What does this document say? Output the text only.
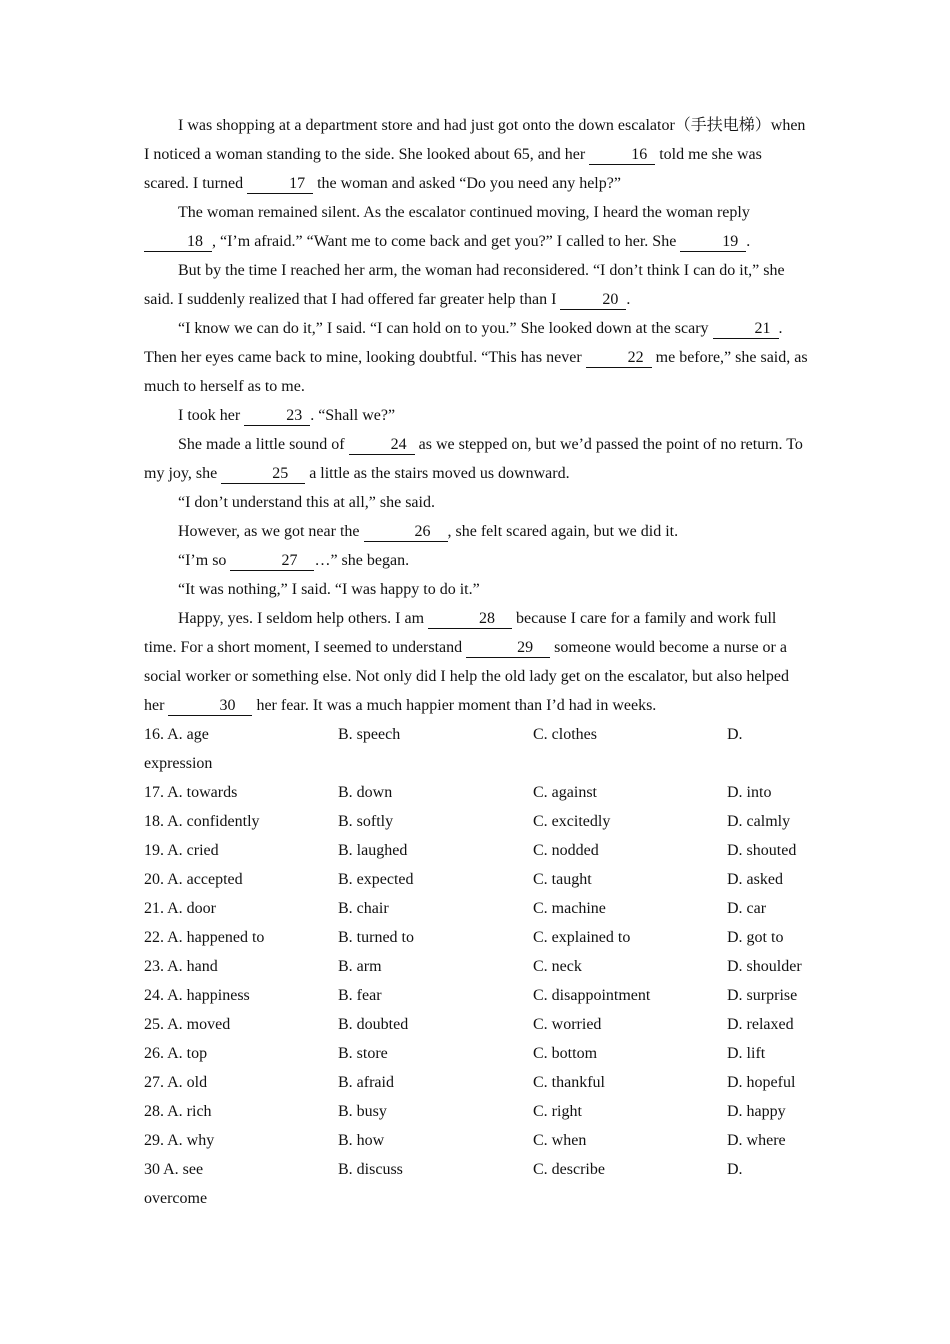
I was shopping at a department store and had just got onto the down escalator（手扶电梯）when I noticed a woman standing to the side. She looked about 65, and her	16 told me she was scared. I turned	17 the woman and asked “Do you need any help?”

The woman remained silent. As the escalator continued moving, I heard the woman reply 18 , “I’m afraid.” “Want me to come back and get you?” I called to her. She	19 .

But by the time I reached her arm, the woman had reconsidered. “I don’t think I can do it,” she said. I suddenly realized that I had offered far greater help than I	20 .

“I know we can do it,” I said. “I can hold on to you.” She looked down at the scary	21 . Then her eyes came back to mine, looking doubtful. “This has never	22 me before,” she said, as much to herself as to me.

I took her	23 . “Shall we?”

She made a little sound of	24 as we stepped on, but we’d passed the point of no return. To my joy, she	25 a little as the stairs moved us downward.

“I don’t understand this at all,” she said.

However, as we got near the	26 , she felt scared again, but we did it.

“I’m so	27 …” she began.

“It was nothing,” I said. “I was happy to do it.”

Happy, yes. I seldom help others. I am	28 because I care for a family and work full time. For a short moment, I seemed to understand	29 someone would become a nurse or a social worker or something else. Not only did I help the old lady get on the escalator, but also helped her	30 her fear. It was a much happier moment than I’d had in weeks.

16. A. age	B. speech	C. clothes	D.
expression
17. A. towards	B. down	C. against	D. into
18. A. confidently	B. softly	C. excitedly	D. calmly
19. A. cried	B. laughed	C. nodded	D. shouted
20. A. accepted	B. expected	C. taught	D. asked
21. A. door	B. chair	C. machine	D. car
22. A. happened to	B. turned to	C. explained to	D. got to
23. A. hand	B. arm	C. neck	D. shoulder
24. A. happiness	B. fear	C. disappointment	D. surprise
25. A. moved	B. doubted	C. worried	D. relaxed
26. A. top	B. store	C. bottom	D. lift
27. A. old	B. afraid	C. thankful	D. hopeful
28. A. rich	B. busy	C. right	D. happy
29. A. why	B. how	C. when	D. where
30 A. see	B. discuss	C. describe	D.
overcome
